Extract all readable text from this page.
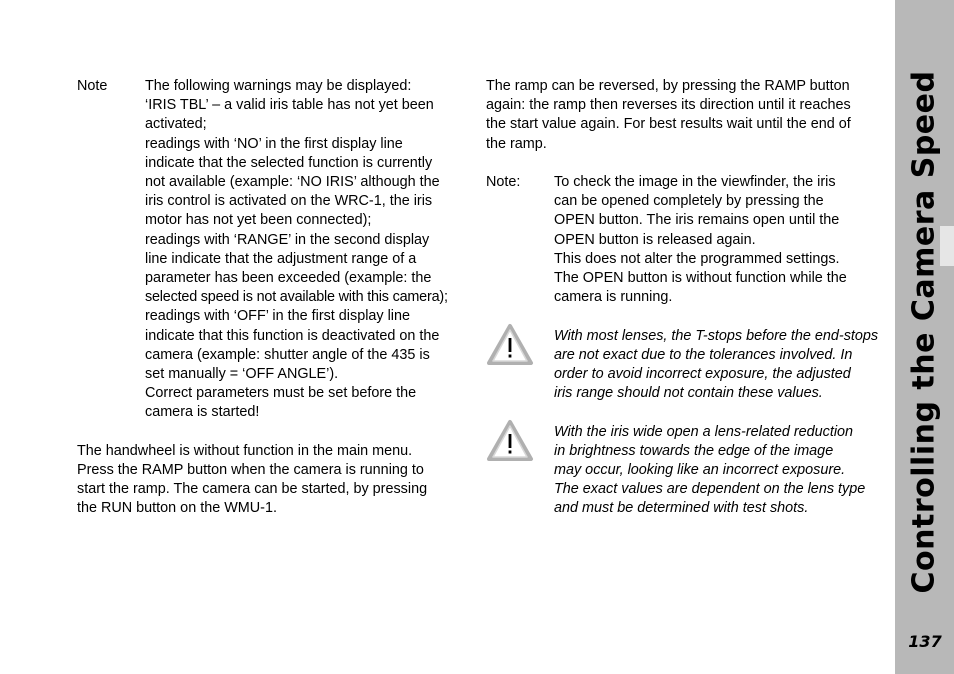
Note	The following warnings may be displayed:
‘IRIS TBL’ – a valid iris table has not yet been
activated;
readings with ‘NO’ in the first display line
indicate that the selected function is currently
not available (example: ‘NO IRIS’ although the
iris control is activated on the WRC-1, the iris
motor has not yet been connected);
readings with ‘RANGE’ in the second display
line indicate that the adjustment range of a
parameter has been exceeded (example: the
selected speed is not available with this camera);
readings with ‘OFF’ in the first display line
indicate that this function is deactivated on the
camera (example: shutter angle of the 435 is
set manually = ‘OFF ANGLE’).
Correct parameters must be set before the
camera is started!
The handwheel is without function in the main menu.
Press the RAMP button when the camera is running to
start the ramp. The camera can be started, by pressing
the RUN button on the WMU-1.
The ramp can be reversed, by pressing the RAMP button
again: the ramp then reverses its direction until it reaches
the start value again. For best results wait until the end of
the ramp.
Note:	To check the image in the viewfinder, the iris
can be opened completely by pressing the
OPEN button. The iris remains open until the
OPEN button is released again.
This does not alter the programmed settings.
The OPEN button is without function while the
camera is running.
With most lenses, the T-stops before the end-stops
are not exact due to the tolerances involved. In
order to avoid incorrect exposure, the adjusted
iris range should not contain these values.
With the iris wide open a lens-related reduction
in brightness towards the edge of the image
may occur, looking like an incorrect exposure.
The exact values are dependent on the lens type
and must be determined with test shots.	Controlling the Camera Speed
137
